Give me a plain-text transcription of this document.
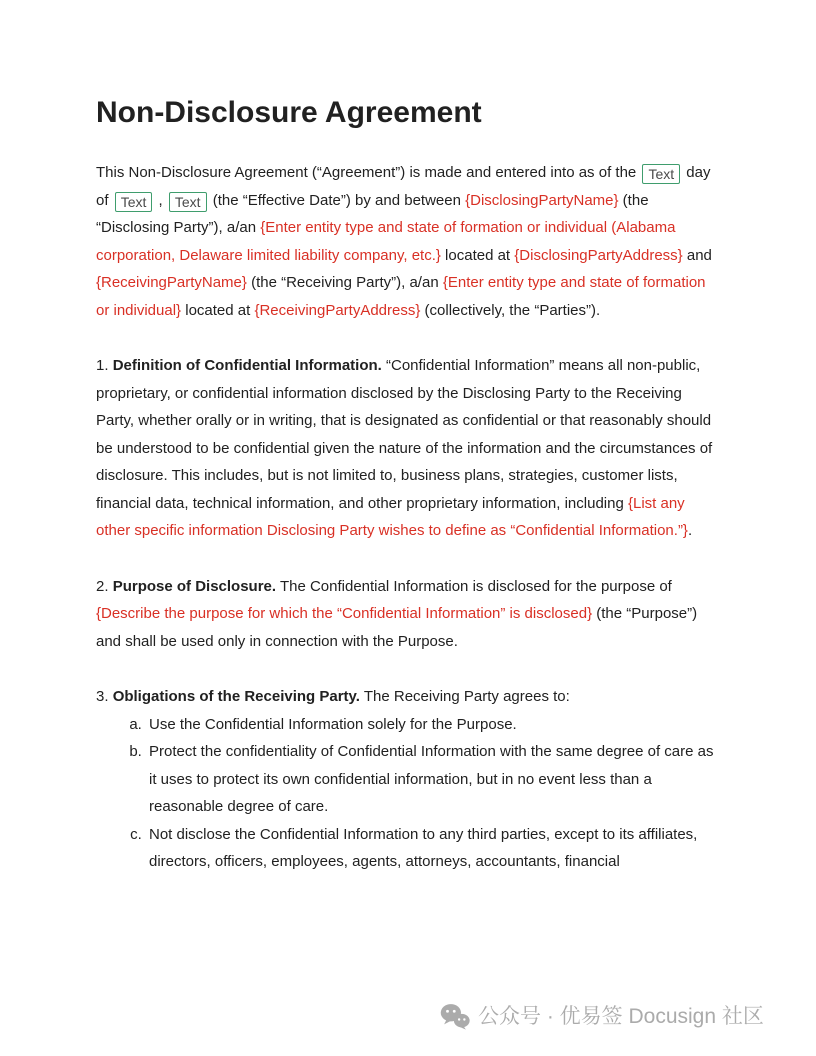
Non-Disclosure Agreement

This Non-Disclosure Agreement (“Agreement”) is made and entered into as of the Text day of Text , Text (the “Effective Date”) by and between {DisclosingPartyName} (the “Disclosing Party”), a/an {Enter entity type and state of formation or individual (Alabama corporation, Delaware limited liability company, etc.} located at {DisclosingPartyAddress} and {ReceivingPartyName} (the “Receiving Party”), a/an {Enter entity type and state of formation or individual} located at {ReceivingPartyAddress} (collectively, the “Parties”).

1. Definition of Confidential Information. “Confidential Information” means all non-public, proprietary, or confidential information disclosed by the Disclosing Party to the Receiving Party, whether orally or in writing, that is designated as confidential or that reasonably should be understood to be confidential given the nature of the information and the circumstances of disclosure. This includes, but is not limited to, business plans, strategies, customer lists, financial data, technical information, and other proprietary information, including {List any other specific information Disclosing Party wishes to define as “Confidential Information.”}.

2. Purpose of Disclosure. The Confidential Information is disclosed for the purpose of {Describe the purpose for which the “Confidential Information” is disclosed} (the “Purpose”) and shall be used only in connection with the Purpose.

3. Obligations of the Receiving Party. The Receiving Party agrees to:

a. Use the Confidential Information solely for the Purpose.
b. Protect the confidentiality of Confidential Information with the same degree of care as it uses to protect its own confidential information, but in no event less than a reasonable degree of care.
c. Not disclose the Confidential Information to any third parties, except to its affiliates, directors, officers, employees, agents, attorneys, accountants, financial
公众号 · 优易签 Docusign 社区
